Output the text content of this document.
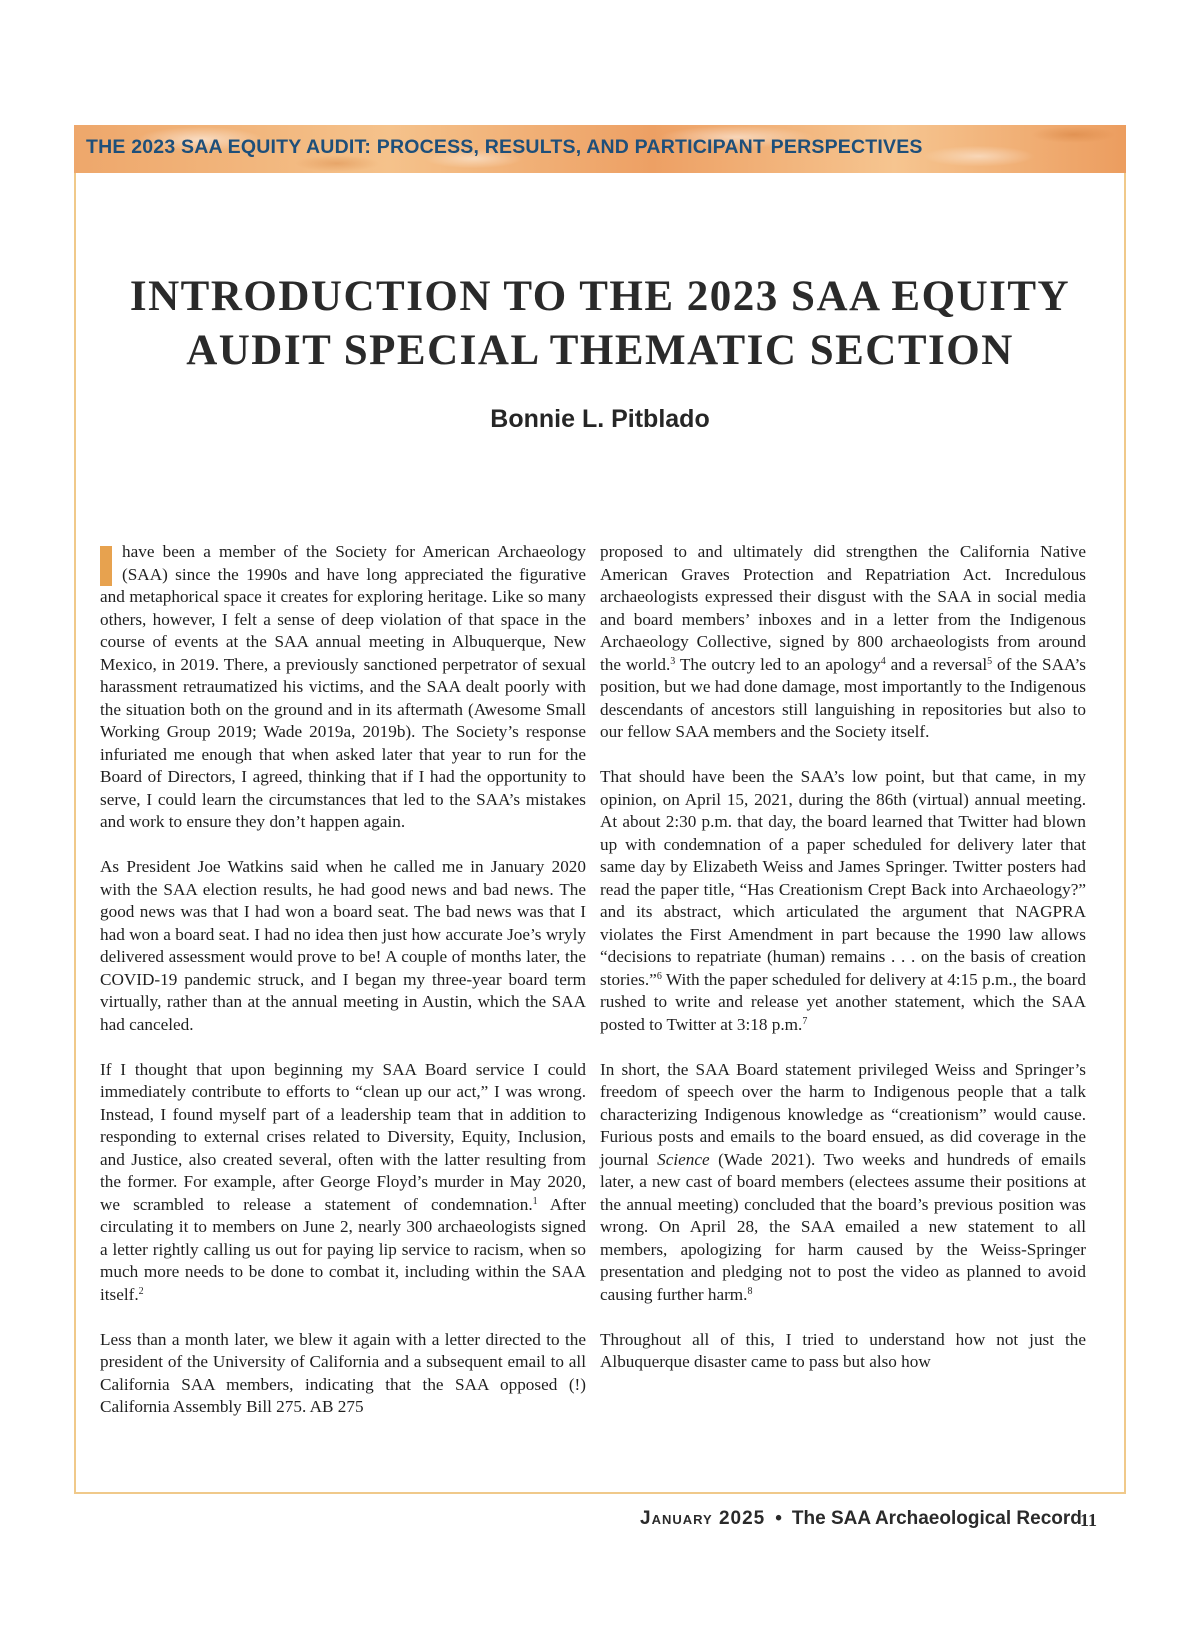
THE 2023 SAA EQUITY AUDIT: PROCESS, RESULTS, AND PARTICIPANT PERSPECTIVES
INTRODUCTION TO THE 2023 SAA EQUITY
AUDIT SPECIAL THEMATIC SECTION
Bonnie L. Pitblado

have been a member of the Society for American Archaeology (SAA) since the 1990s and have long appreciated the figurative and metaphorical space it creates for exploring heritage. Like so many others, however, I felt a sense of deep violation of that space in the course of events at the SAA annual meeting in Albuquerque, New Mexico, in 2019. There, a previously sanctioned perpetrator of sexual harassment retraumatized his victims, and the SAA dealt poorly with the situation both on the ground and in its aftermath (Awesome Small Working Group 2019; Wade 2019a, 2019b). The Society’s response infuriated me enough that when asked later that year to run for the Board of Directors, I agreed, thinking that if I had the opportunity to serve, I could learn the circumstances that led to the SAA’s mistakes and work to ensure they don’t happen again.

As President Joe Watkins said when he called me in January 2020 with the SAA election results, he had good news and bad news. The good news was that I had won a board seat. The bad news was that I had won a board seat. I had no idea then just how accurate Joe’s wryly delivered assessment would prove to be! A couple of months later, the COVID-19 pandemic struck, and I began my three-year board term virtually, rather than at the annual meeting in Austin, which the SAA had canceled.

If I thought that upon beginning my SAA Board service I could immediately contribute to efforts to “clean up our act,” I was wrong. Instead, I found myself part of a leadership team that in addition to responding to external crises related to Diversity, Equity, Inclusion, and Justice, also created several, often with the latter resulting from the former. For example, after George Floyd’s murder in May 2020, we scrambled to release a statement of condemnation.$^1$ After circulating it to members on June 2, nearly 300 archaeologists signed a letter rightly calling us out for paying lip service to racism, when so much more needs to be done to combat it, including within the SAA itself.$^2$

Less than a month later, we blew it again with a letter directed to the president of the University of California and a subsequent email to all California SAA members, indicating that the SAA opposed (!) California Assembly Bill 275. AB 275

proposed to and ultimately did strengthen the California Native American Graves Protection and Repatriation Act. Incredulous archaeologists expressed their disgust with the SAA in social media and board members’ inboxes and in a letter from the Indigenous Archaeology Collective, signed by 800 archaeologists from around the world.$^3$ The outcry led to an apology$^4$ and a reversal$^5$ of the SAA’s position, but we had done damage, most importantly to the Indigenous descendants of ancestors still languishing in repositories but also to our fellow SAA members and the Society itself.

That should have been the SAA’s low point, but that came, in my opinion, on April 15, 2021, during the 86th (virtual) annual meeting. At about 2:30 p.m. that day, the board learned that Twitter had blown up with condemnation of a paper scheduled for delivery later that same day by Elizabeth Weiss and James Springer. Twitter posters had read the paper title, “Has Creationism Crept Back into Archaeology?” and its abstract, which articulated the argument that NAGPRA violates the First Amendment in part because the 1990 law allows “decisions to repatriate (human) remains . . . on the basis of creation stories.”$^6$ With the paper scheduled for delivery at 4:15 p.m., the board rushed to write and release yet another statement, which the SAA posted to Twitter at 3:18 p.m.$^7$

In short, the SAA Board statement privileged Weiss and Springer’s freedom of speech over the harm to Indigenous people that a talk characterizing Indigenous knowledge as “creationism” would cause. Furious posts and emails to the board ensued, as did coverage in the journal Science (Wade 2021). Two weeks and hundreds of emails later, a new cast of board members (electees assume their positions at the annual meeting) concluded that the board’s previous position was wrong. On April 28, the SAA emailed a new statement to all members, apologizing for harm caused by the Weiss-Springer presentation and pledging not to post the video as planned to avoid causing further harm.$^8$

Throughout all of this, I tried to understand how not just the Albuquerque disaster came to pass but also how

January 2025 • The SAA Archaeological Record
11
